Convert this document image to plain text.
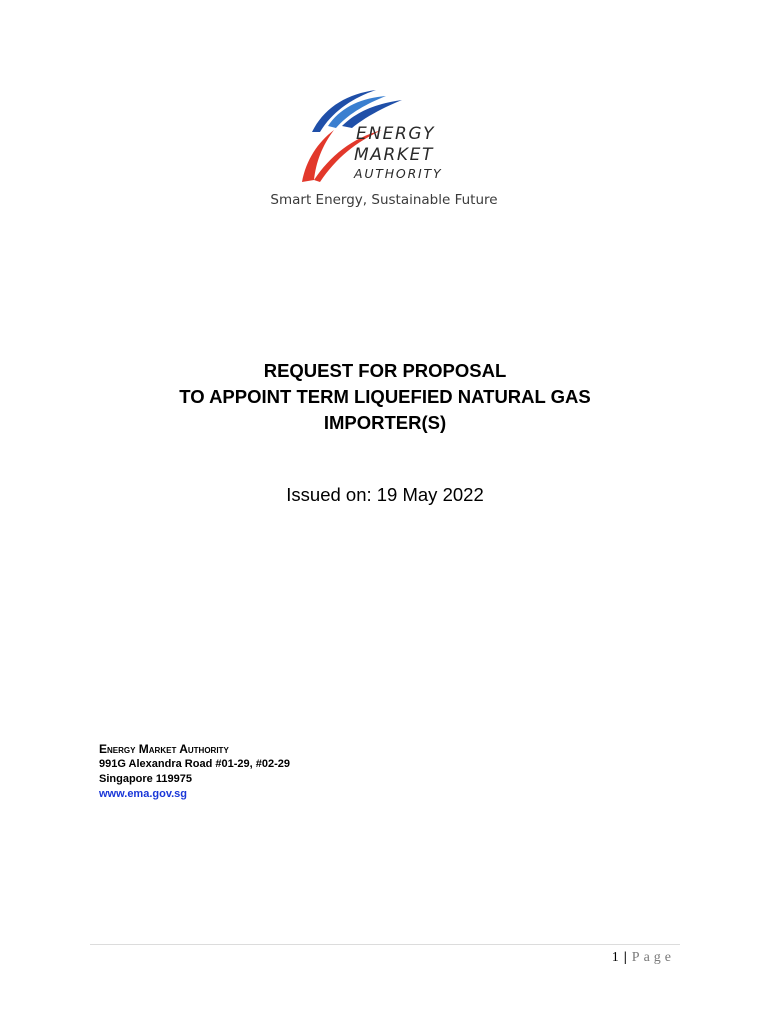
ENERGY
MARKET
AUTHORITY
Smart Energy, Sustainable Future
REQUEST FOR PROPOSAL
TO APPOINT TERM LIQUEFIED NATURAL GAS
IMPORTER(S)
Issued on: 19 May 2022
Energy Market Authority
991G Alexandra Road #01-29, #02-29
Singapore 119975
www.ema.gov.sg
1 | Page
